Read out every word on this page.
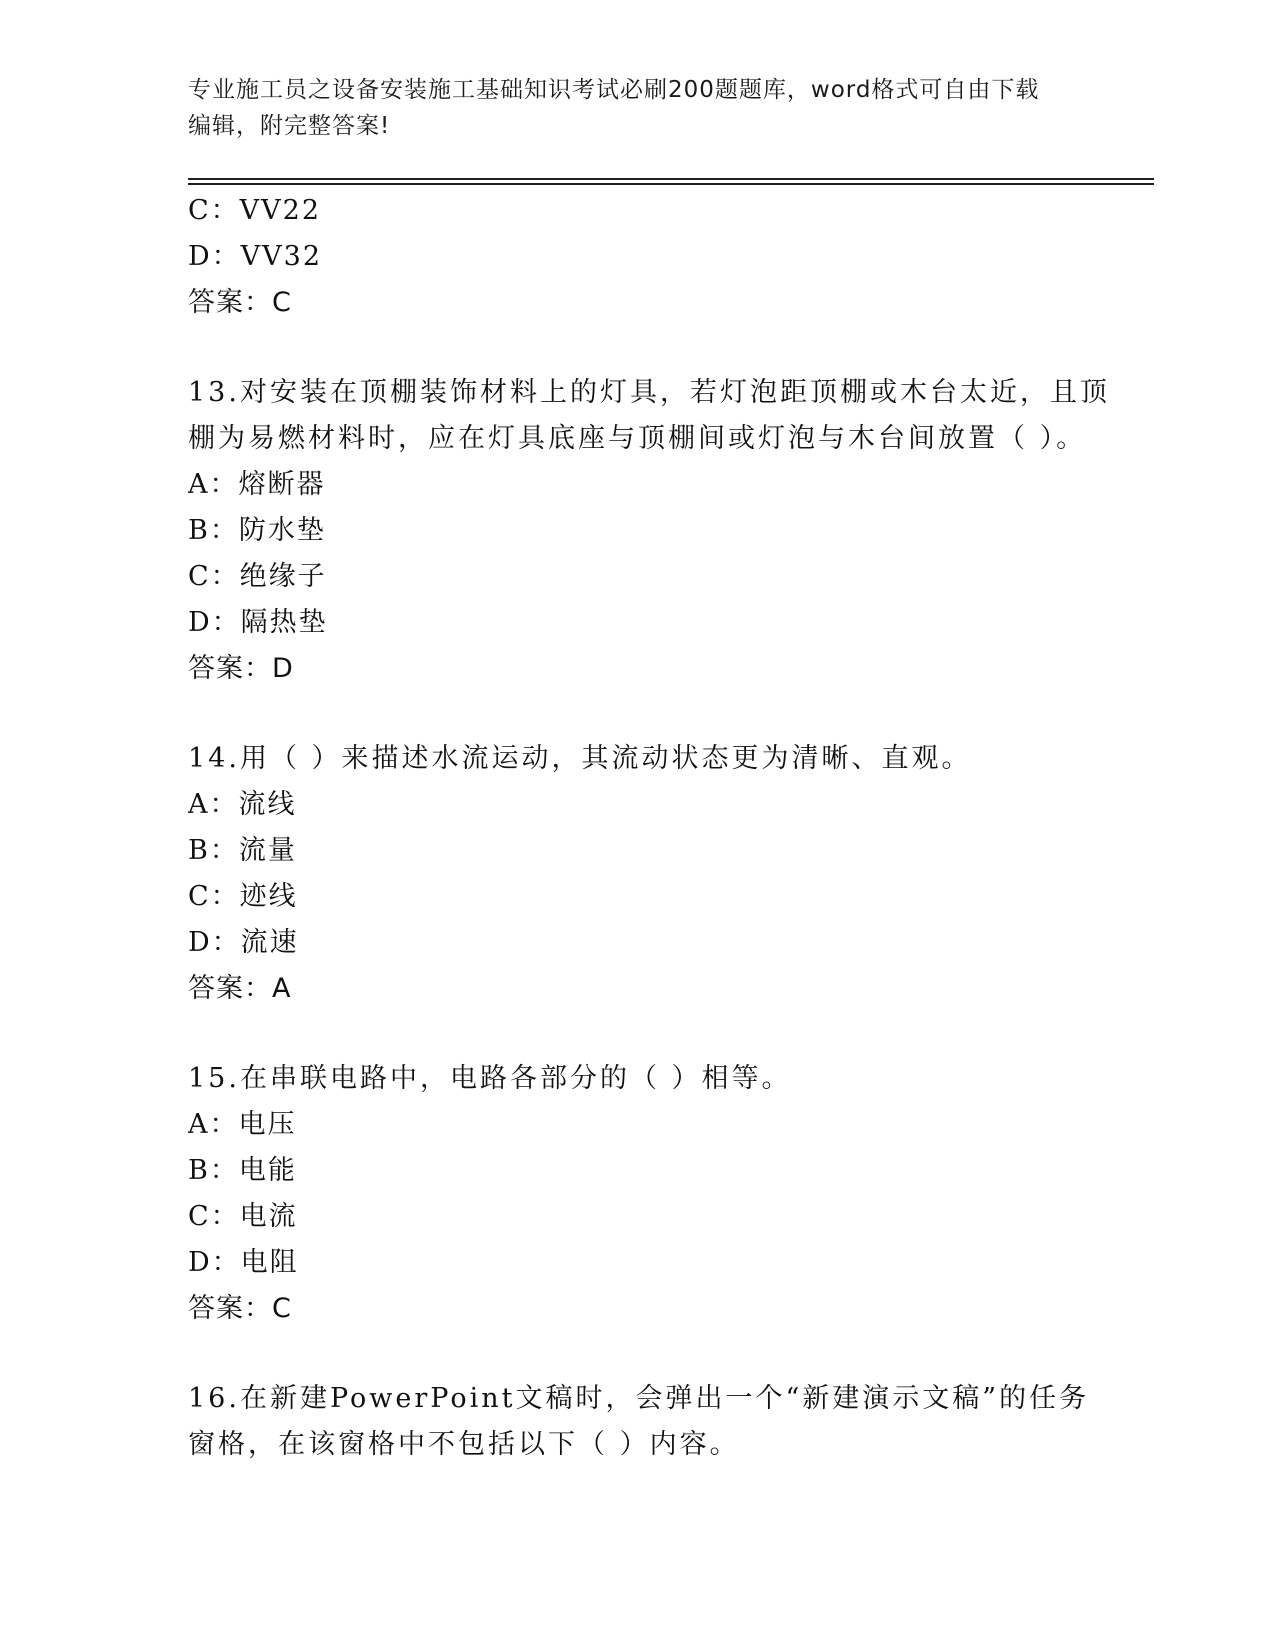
专业施工员之设备安装施工基础知识考试必刷200题题库，word格式可自由下载
编辑，附完整答案!
C：VV22
D：VV32
答案：C
13.对安装在顶棚装饰材料上的灯具，若灯泡距顶棚或木台太近，且顶
棚为易燃材料时，应在灯具底座与顶棚间或灯泡与木台间放置（ ）。
A：熔断器
B：防水垫
C：绝缘子
D：隔热垫
答案：D
14.用（ ）来描述水流运动，其流动状态更为清晰、直观。
A：流线
B：流量
C：迹线
D：流速
答案：A
15.在串联电路中，电路各部分的（ ）相等。
A：电压
B：电能
C：电流
D：电阻
答案：C
16.在新建PowerPoint文稿时，会弹出一个“新建演示文稿”的任务
窗格，在该窗格中不包括以下（ ）内容。
